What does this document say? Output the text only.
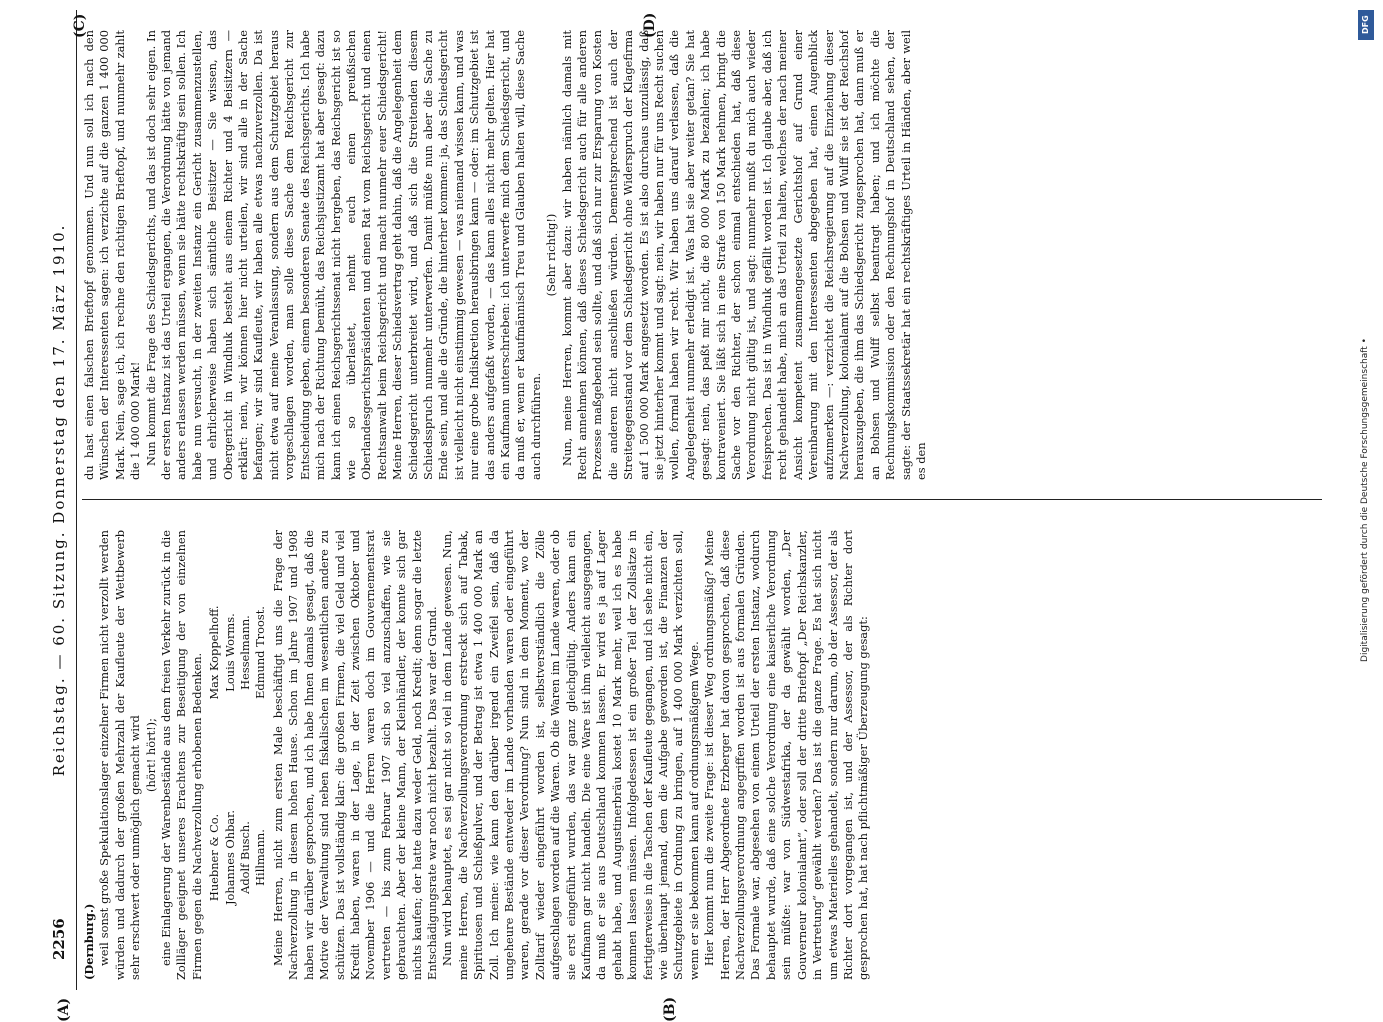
2256
Reichstag. — 60. Sitzung. Donnerstag den 17. März 1910.
(A)	(B)
(C)	(D)

(Dernburg.) weil sonst große Spekulationslager einzelner Firmen nicht verzollt werden würden und dadurch der großen Mehrzahl der Kaufleute der Wettbewerb sehr erschwert oder unmöglich gemacht wird (hört! hört!); eine Einlagerung der Warenbestände aus dem freien Verkehr zurück in die Zollläger geeignet unseres Erachtens zur Beseitigung der von einzelnen Firmen gegen die Nachverzollung erhobenen Bedenken. Huebner & Co.
Max Koppelhoff.
Johannes Ohbar.
Louis Worms.
Adolf Busch.
Hesselmann.
Hillmann.
Edmund Troost. Meine Herren, nicht zum ersten Male beschäftigt uns die Frage der Nachverzollung in diesem hohen Hause. Schon im Jahre 1907 und 1908 haben wir darüber gesprochen, und ich habe Ihnen damals gesagt, daß die Motive der Verwaltung sind neben fiskalischen im wesentlichen andere zu schützen. Das ist vollständig klar: die großen Firmen, die viel Geld und viel Kredit haben, waren in der Lage, in der Zeit zwischen Oktober und November 1906 — und die Herren waren doch im Gouvernementsrat vertreten — bis zum Februar 1907 sich so viel anzuschaffen, wie sie gebrauchten. Aber der kleine Mann, der Kleinhändler, der konnte sich gar nichts kaufen; der hatte dazu weder Geld, noch Kredit; denn sogar die letzte Entschädigungsrate war noch nicht bezahlt. Das war der Grund. Nun wird behauptet, es sei gar nicht so viel in dem Lande gewesen. Nun, meine Herren, die Nachverzollungsverordnung erstreckt sich auf Tabak, Spirituosen und Schießpulver, und der Betrag ist etwa 1 400 000 Mark an Zoll. Ich meine: wie kann den darüber irgend ein Zweifel sein, daß da ungeheure Bestände entweder im Lande vorhanden waren oder eingeführt waren, gerade vor dieser Verordnung? Nun sind in dem Moment, wo der Zolltarif wieder eingeführt worden ist, selbstverständlich die Zölle aufgeschlagen worden auf die Waren. Ob die Waren im Lande waren, oder ob sie erst eingeführt wurden, das war ganz gleichgültig. Anders kann ein Kaufmann gar nicht handeln. Die eine Ware ist ihm vielleicht ausgegangen, da muß er sie aus Deutschland kommen lassen. Er wird es ja auf Lager gehabt habe, und Augustinerbräu kostet 10 Mark mehr, weil ich es habe kommen lassen müssen. Infolgedessen ist ein großer Teil der Zollsätze in fertigterweise in die Taschen der Kaufleute gegangen, und ich sehe nicht ein, wie überhaupt jemand, dem die Aufgabe geworden ist, die Finanzen der Schutzgebiete in Ordnung zu bringen, auf 1 400 000 Mark verzichten soll, wenn er sie bekommen kann auf ordnungsmäßigem Wege. Hier kommt nun die zweite Frage: ist dieser Weg ordnungsmäßig? Meine Herren, der Herr Abgeordnete Erzberger hat davon gesprochen, daß diese Nachverzollungsverordnung angegriffen worden ist aus formalen Gründen. Das Formale war, abgesehen von einem Urteil der ersten Instanz, wodurch behauptet wurde, daß eine solche Verordnung eine kaiserliche Verordnung sein müßte: war von Südwestafrika, der da gewählt worden, „Der Gouverneur kolonialamt“, oder soll der dritte Brieftopf „Der Reichskanzler, in Vertretung“ gewählt werden? Das ist die ganze Frage. Es hat sich nicht um etwas Materielles gehandelt, sondern nur darum, ob der Assessor, der als Richter dort vorgegangen ist, und der Assessor, der als Richter dort gesprochen hat, hat nach pflichtmäßiger Überzeugung gesagt:

du hast einen falschen Brieftopf genommen. Und nun soll ich nach den Wünschen der Interessenten sagen: ich verzichte auf die ganzen 1 400 000 Mark. Nein, sage ich, ich rechne den richtigen Brieftopf, und nunmehr zahlt die 1 400 000 Mark! Nun kommt die Frage des Schiedsgerichts, und das ist doch sehr eigen. In der ersten Instanz ist das Urteil ergangen, die Verordnung hätte von jemand anders erlassen werden müssen, wenn sie hätte rechtskräftig sein sollen. Ich habe nun versucht, in der zweiten Instanz ein Gericht zusammenzustellen, und ehrlicherweise haben sich sämtliche Beisitzer — Sie wissen, das Obergericht in Windhuk besteht aus einem Richter und 4 Beisitzern — erklärt: nein, wir können hier nicht urteilen, wir sind alle in der Sache befangen; wir sind Kaufleute, wir haben alle etwas nachzuverzollen. Da ist nicht etwa auf meine Veranlassung, sondern aus dem Schutzgebiet heraus vorgeschlagen worden, man solle diese Sache dem Reichsgericht zur Entscheidung geben, einem besonderen Senate des Reichsgerichts. Ich habe mich nach der Richtung bemüht, das Reichsjustizamt hat aber gesagt: dazu kann ich einen Reichsgerichtssenat nicht hergeben, das Reichsgericht ist so wie so überlastet, nehmt euch einen preußischen Oberlandesgerichtspräsidenten und einen Rat vom Reichsgericht und einen Rechtsanwalt beim Reichsgericht und macht nunmehr euer Schiedsgericht! Meine Herren, dieser Schiedsvertrag geht dahin, daß die Angelegenheit dem Schiedsgericht unterbreitet wird, und daß sich die Streitenden diesem Schiedsspruch nunmehr unterwerfen. Damit müßte nun aber die Sache zu Ende sein, und alle die Gründe, die hinterher kommen: ja, das Schiedsgericht ist vielleicht nicht einstimmig gewesen — was niemand wissen kann, und was nur eine grobe Indiskretion herausbringen kann — oder: im Schutzgebiet ist das anders aufgefaßt worden, — das kann alles nicht mehr gelten. Hier hat ein Kaufmann unterschrieben: ich unterwerfe mich dem Schiedsgericht, und da muß er, wenn er kaufmännisch Treu und Glauben halten will, diese Sache auch durchführen.

(Sehr richtig!) Nun, meine Herren, kommt aber dazu: wir haben nämlich damals mit Recht annehmen können, daß dieses Schiedsgericht auch für alle anderen Prozesse maßgebend sein sollte, und daß sich nur zur Ersparung von Kosten die anderen nicht anschließen würden. Dementsprechend ist auch der Streitegegenstand vor dem Schiedsgericht ohne Widerspruch der Klagefirma auf 1 500 000 Mark angesetzt worden. Es ist also durchaus unzulässig, daß sie jetzt hinterher kommt und sagt: nein, wir haben nur für uns Recht suchen wollen, formal haben wir recht. Wir haben uns darauf verlassen, daß die Angelegenheit nunmehr erledigt ist. Was hat sie aber weiter getan? Sie hat gesagt: nein, das paßt mir nicht, die 80 000 Mark zu bezahlen; ich habe kontraveniert. Sie läßt sich in eine Strafe von 150 Mark nehmen, bringt die Sache vor den Richter, der schon einmal entschieden hat, daß diese Verordnung nicht gültig ist, und sagt: nunmehr mußt du mich auch wieder freisprechen. Das ist in Windhuk gefällt worden ist. Ich glaube aber, daß ich recht gehandelt habe, mich an das Urteil zu halten, welches der nach meiner Ansicht kompetent zusammengesetzte Gerichtshof auf Grund einer Vereinbarung mit den Interessenten abgegeben hat, einen Augenblick aufzumerken —: verzichtet die Reichsregierung auf die Einziehung dieser Nachverzollung, kolonialamt auf die Bohsen und Wulff sie ist der Reichshof herauszugeben, die ihm das Schiedsgericht zugesprochen hat, dann muß er an Bohsen und Wulff selbst beantragt haben; und ich möchte die Rechnungskommission oder den Rechnungshof in Deutschland sehen, der sagte: der Staatssekretär hat ein rechtskräftiges Urteil in Händen, aber weil es den

DFG
Digitalisierung gefördert durch die Deutsche Forschungsgemeinschaft •
